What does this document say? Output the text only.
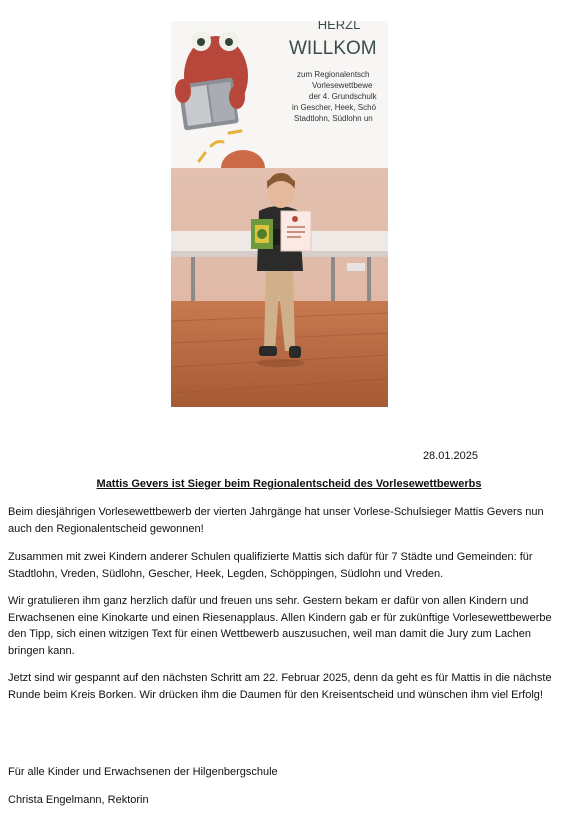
HERZL
WILLKOM
zum Regionalentsch
Vorlesewettbewe
der 4. Grundschulk
in Gescher, Heek, Schö
Stadtlohn, Südlohn un
28.01.2025
Mattis Gevers ist Sieger beim Regionalentscheid des Vorlesewettbewerbs

Beim diesjährigen Vorlesewettbewerb der vierten Jahrgänge hat unser Vorlese-Schulsieger Mattis Gevers nun auch den Regionalentscheid gewonnen!

Zusammen mit zwei Kindern anderer Schulen qualifizierte Mattis sich dafür für 7 Städte und Gemeinden: für Stadtlohn, Vreden, Südlohn, Gescher, Heek, Legden, Schöppingen, Südlohn und Vreden.

Wir gratulieren ihm ganz herzlich dafür und freuen uns sehr. Gestern bekam er dafür von allen Kindern und Erwachsenen eine Kinokarte und einen Riesenapplaus. Allen Kindern gab er für zukünftige Vorlesewettbewerbe den Tipp, sich einen witzigen Text für einen Wettbewerb auszusuchen, weil man damit die Jury zum Lachen bringen kann.

Jetzt sind wir gespannt auf den nächsten Schritt am 22. Februar 2025, denn da geht es für Mattis in die nächste Runde beim Kreis Borken. Wir drücken ihm die Daumen für den Kreisentscheid und wünschen ihm viel Erfolg!

Für alle Kinder und Erwachsenen der Hilgenbergschule
Christa Engelmann, Rektorin
